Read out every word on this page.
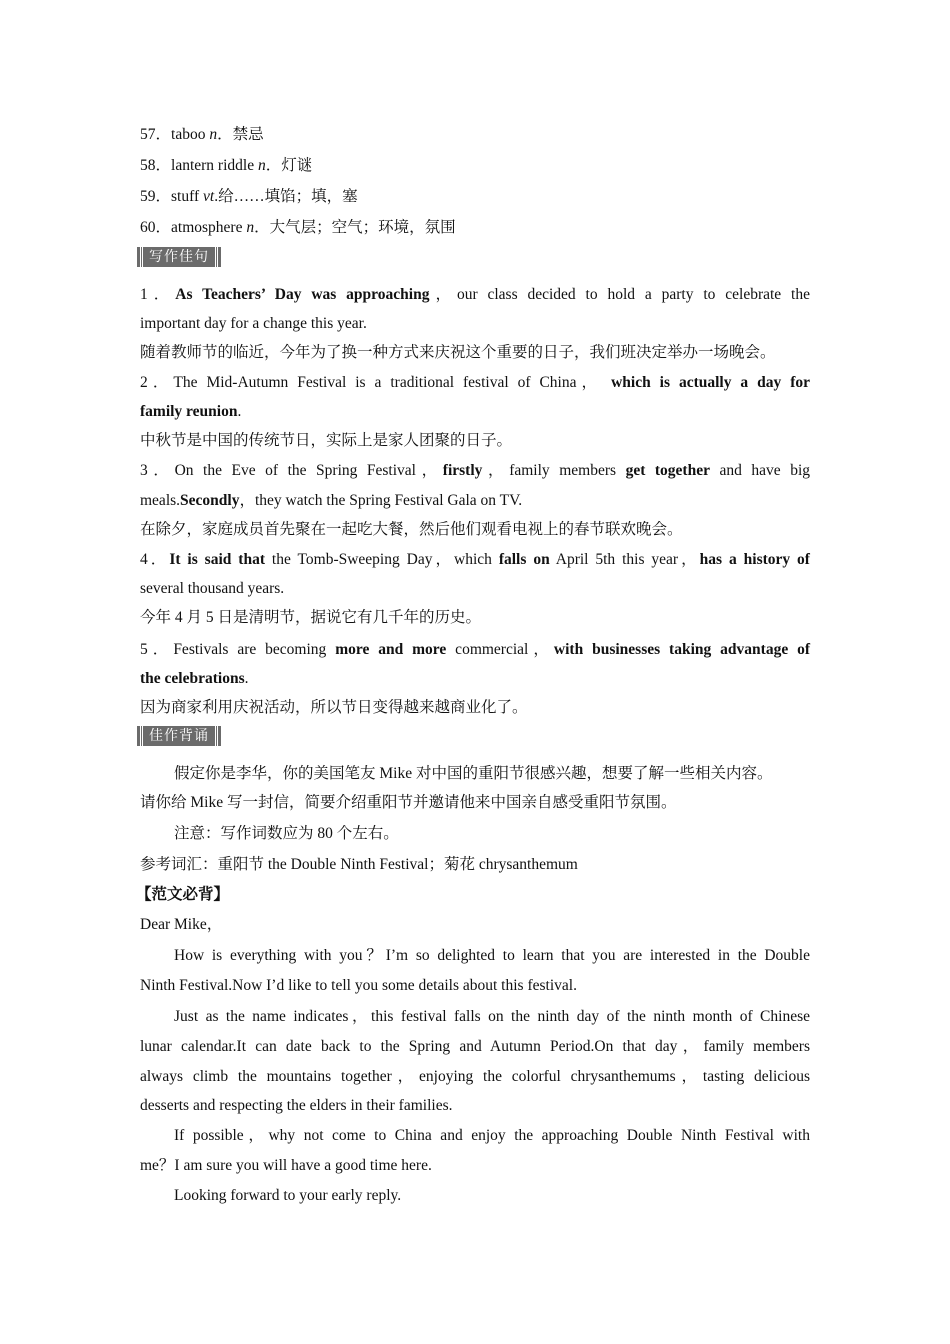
57．taboo n．禁忌
58．lantern riddle n．灯谜
59．stuff vt.给……填馅；填，塞
60．atmosphere n．大气层；空气；环境，氛围
写作佳句
1．As Teachers’ Day was approaching，our class decided to hold a party to celebrate the
important day for a change this year.
随着教师节的临近，今年为了换一种方式来庆祝这个重要的日子，我们班决定举办一场晚会。
2．The Mid-Autumn Festival is a traditional festival of China， which is actually a day for
family reunion.
中秋节是中国的传统节日，实际上是家人团聚的日子。
3．On the Eve of the Spring Festival，firstly，family members get together and have big
meals.Secondly，they watch the Spring Festival Gala on TV.
在除夕，家庭成员首先聚在一起吃大餐，然后他们观看电视上的春节联欢晚会。
4．It is said that the Tomb-Sweeping Day，which falls on April 5th this year，has a history of
several thousand years.
今年 4 月 5 日是清明节，据说它有几千年的历史。
5．Festivals are becoming more and more commercial，with businesses taking advantage of
the celebrations.
因为商家利用庆祝活动，所以节日变得越来越商业化了。
佳作背诵
假定你是李华，你的美国笔友 Mike 对中国的重阳节很感兴趣，想要了解一些相关内容。
请你给 Mike 写一封信，简要介绍重阳节并邀请他来中国亲自感受重阳节氛围。
注意：写作词数应为 80 个左右。
参考词汇：重阳节 the Double Ninth Festival；菊花 chrysanthemum
【范文必背】
Dear Mike，
How is everything with you？I’m so delighted to learn that you are interested in the Double
Ninth Festival.Now I’d like to tell you some details about this festival.
Just as the name indicates，this festival falls on the ninth day of the ninth month of Chinese
lunar calendar.It can date back to the Spring and Autumn Period.On that day，family members
always climb the mountains together，enjoying the colorful chrysanthemums，tasting delicious
desserts and respecting the elders in their families.
If possible，why not come to China and enjoy the approaching Double Ninth Festival with
me？I am sure you will have a good time here.
Looking forward to your early reply.
